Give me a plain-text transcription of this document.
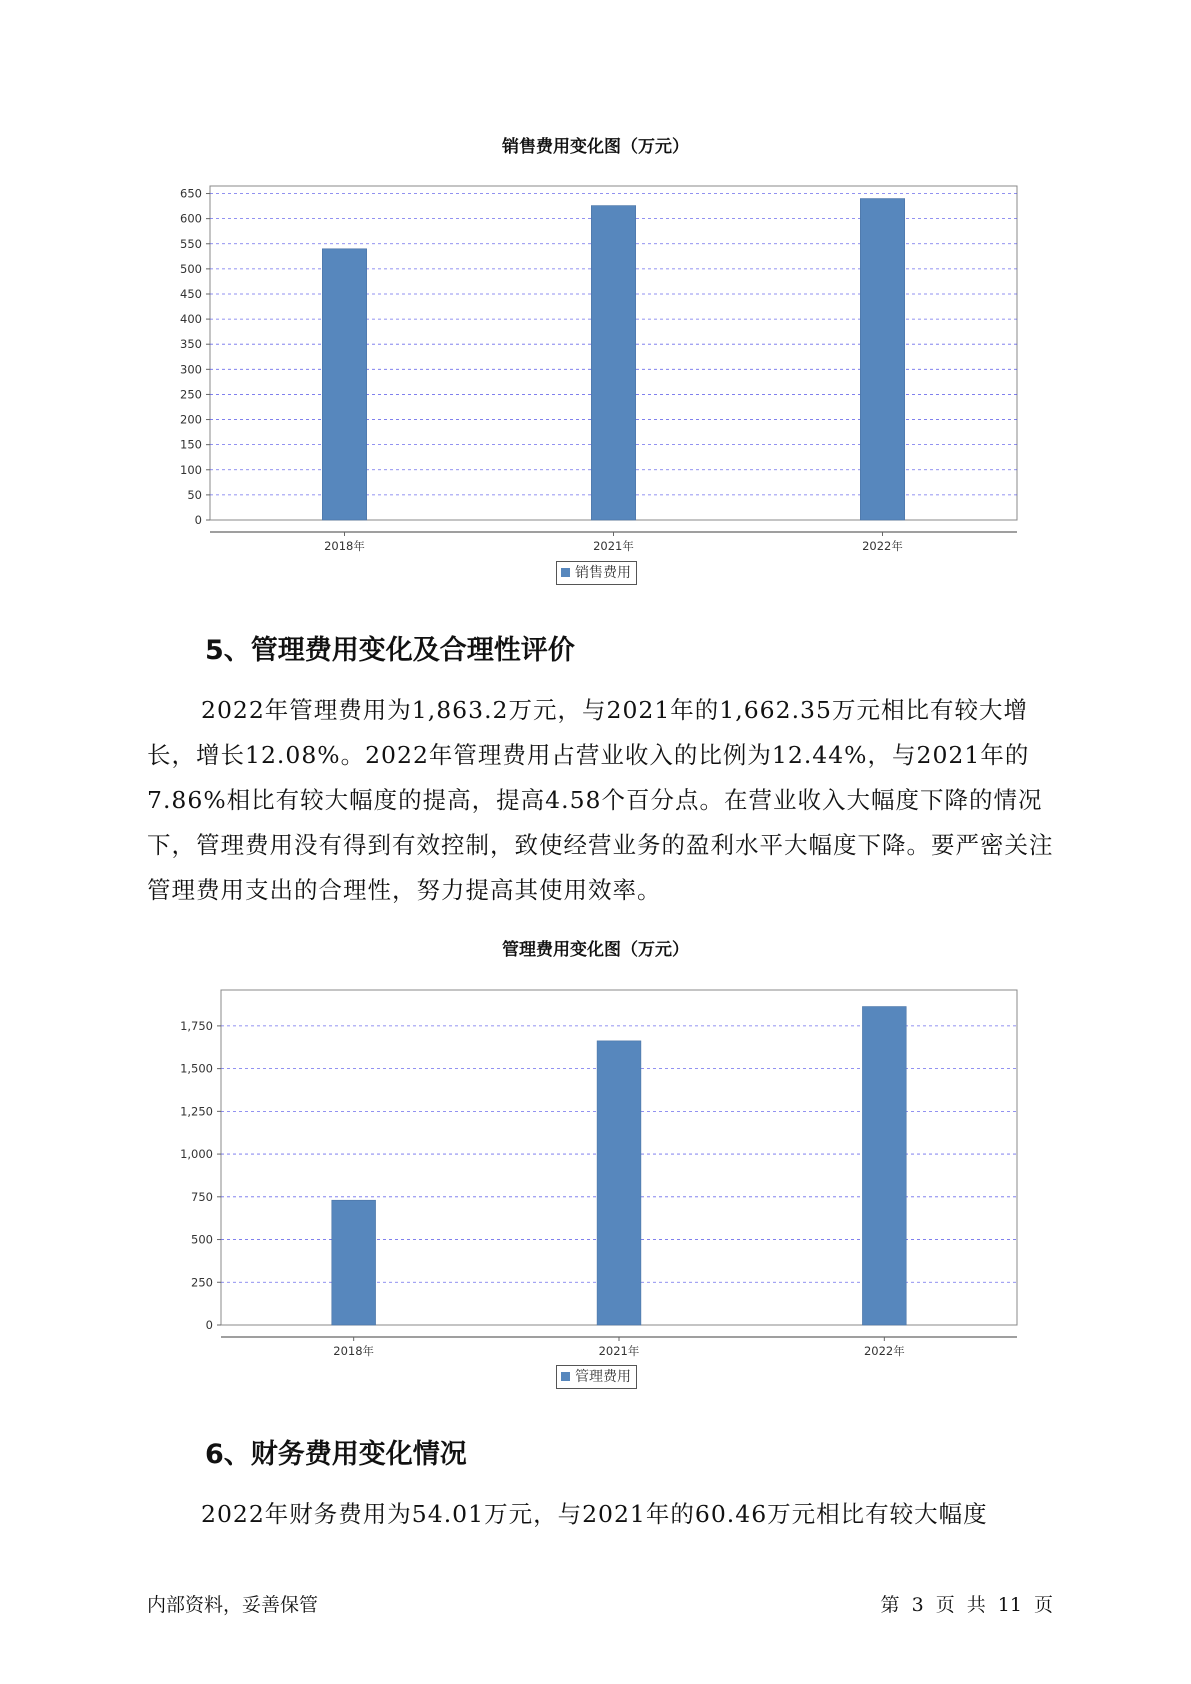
销售费用变化图（万元）
0
50
100
150
200
250
300
350
400
450
500
550
600
650
2018年	2021年	2022年
销售费用
5、管理费用变化及合理性评价
2022年管理费用为1,863.2万元，与2021年的1,662.35万元相比有较大增长，增长12.08%。2022年管理费用占营业收入的比例为12.44%，与2021年的7.86%相比有较大幅度的提高，提高4.58个百分点。在营业收入大幅度下降的情况下，管理费用没有得到有效控制，致使经营业务的盈利水平大幅度下降。要严密关注管理费用支出的合理性，努力提高其使用效率。
管理费用变化图（万元）
0
250
500
750
1,000
1,250
1,500
1,750
2018年	2021年	2022年
管理费用
6、财务费用变化情况
2022年财务费用为54.01万元，与2021年的60.46万元相比有较大幅度
内部资料，妥善保管	第 3 页 共 11 页
